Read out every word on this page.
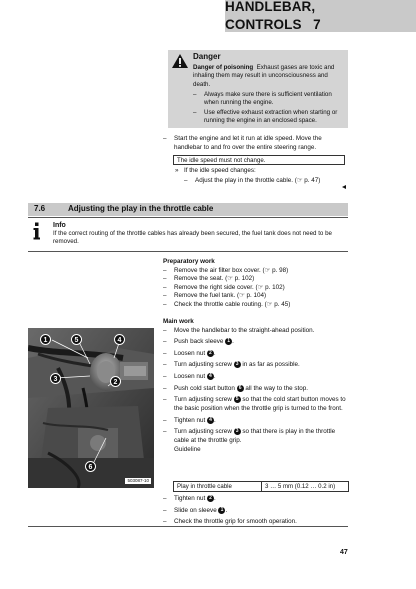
HANDLEBAR, CONTROLS 7
Danger

Danger of poisoning Exhaust gases are toxic and inhaling them may result in unconsciousness and death.

– Always make sure there is sufficient ventilation when running the engine.
– Use effective exhaust extraction when starting or running the engine in an enclosed space.
– Start the engine and let it run at idle speed. Move the handlebar to and fro over the entire steering range.
The idle speed must not change.
» If the idle speed changes:
– Adjust the play in the throttle cable. (☞ p. 47)
7.6	Adjusting the play in the throttle cable
Info
If the correct routing of the throttle cables has already been secured, the fuel tank does not need to be removed.
Preparatory work
– Remove the air filter box cover. (☞ p. 98)
– Remove the seat. (☞ p. 102)
– Remove the right side cover. (☞ p. 102)
– Remove the fuel tank. (☞ p. 104)
– Check the throttle cable routing. (☞ p. 45)
Main work
– Move the handlebar to the straight-ahead position.
– Push back sleeve 1 .
– Loosen nut 2 .
– Turn adjusting screw 3 in as far as possible.
– Loosen nut 4 .
– Push cold start button 6 all the way to the stop.
– Turn adjusting screw 5 so that the cold start button moves to the basic position when the throttle grip is turned to the front.
– Tighten nut 4 .
– Turn adjusting screw 3 so that there is play in the throttle cable at the throttle grip.
Guideline
Play in throttle cable	3 … 5 mm (0.12 … 0.2 in)
– Tighten nut 2 .
– Slide on sleeve 1 .
– Check the throttle grip for smooth operation.
1	5	4
3	2
6
503087-10
47
